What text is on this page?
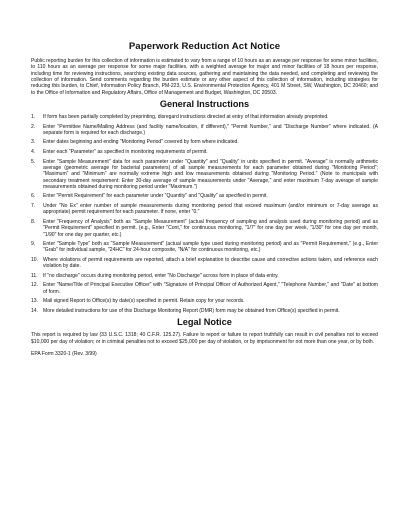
Paperwork Reduction Act Notice

Public reporting burden for this collection of information is estimated to vary from a range of 10 hours as an average per response for some minor facilities, to 110 hours as an average per response for some major facilities, with a weighted average for major and minor facilities of 18 hours per response, including time for reviewing instructions, searching existing data sources, gathering and maintaining the data needed, and completing and reviewing the collection of information. Send comments regarding the burden estimate or any other aspect of this collection of information, including strategies for reducing this burden, to Chief, Information Policy Branch, PM-223, U.S. Environmental Protection Agency, 401 M Street, SW, Washington, DC 20460; and to the Office of Information and Regulatory Affairs, Office of Management and Budget, Washington, DC 20503.

General Instructions
1.	If form has been partially completed by preprinting, disregard instructions directed at entry of that information already preprinted.
2.	Enter "Permittee Name/Mailing Address (and facility name/location, if different)," "Permit Number," and "Discharge Number" where indicated. (A separate form is required for each discharge.)
3.	Enter dates beginning and ending "Monitoring Period" covered by form where indicated.
4.	Enter each "Parameter" as specified in monitoring requirements of permit.
5.	Enter "Sample Measurement" data for each parameter under "Quantity" and "Quality" in units specified in permit. "Average" is normally arithmetic average (geometric average for bacterial parameters) of all sample measurements for each parameter obtained during "Monitoring Period"; "Maximum" and "Minimum" are normally extreme high and low measurements obtained during "Monitoring Period." (Note to municipals with secondary treatment requirement: Enter 30-day average of sample measurements under "Average," and enter maximum 7-day average of sample measurements obtained during monitoring period under "Maximum.")
6.	Enter "Permit Requirement" for each parameter under "Quantity" and "Quality" as specified in permit.
7.	Under "No Ex" enter number of sample measurements during monitoring period that exceed maximum (and/or minimum or 7-day average as appropriate) permit requirement for each parameter. If none, enter "0."
8.	Enter "Frequency of Analysis" both as "Sample Measurement" (actual frequency of sampling and analysis used during monitoring period) and as "Permit Requirement" specified in permit. (e.g., Enter "Cont," for continuous monitoring, "1/7" for one day per week, "1/30" for one day per month, "1/90" for one day per quarter, etc.)
9.	Enter "Sample Type" both as "Sample Measurement" (actual sample type used during monitoring period) and as "Permit Requirement," (e.g., Enter "Grab" for individual sample, "24HC" for 24-hour composite, "N/A" for continuous monitoring, etc.)
10. Where violations of permit requirements are reported, attach a brief explanation to describe cause and corrective actions taken, and reference each violation by date.
11.	If "no discharge" occurs during monitoring period, enter "No Discharge" across form in place of data entry.
12. Enter "Name/Title of Principal Executive Officer" with "Signature of Principal Officer of Authorized Agent," "Telephone Number," and "Date" at bottom of form.
13. Mail signed Report to Office(s) by date(s) specified in permit. Retain copy for your records.
14. More detailed instructions for use of this Discharge Monitoring Report (DMR) form may be obtained from Office(s) specified in permit.
Legal Notice

This report is required by law (33 U.S.C. 1318; 40 C.F.R. 125.27). Failure to report or failure to report truthfully can result in civil penalties not to exceed $10,000 per day of violation; or in criminal penalties not to exceed $25,000 per day of violation, or by imprisonment for not more than one year, or by both.

EPA Form 3320-1 (Rev. 3/99)
